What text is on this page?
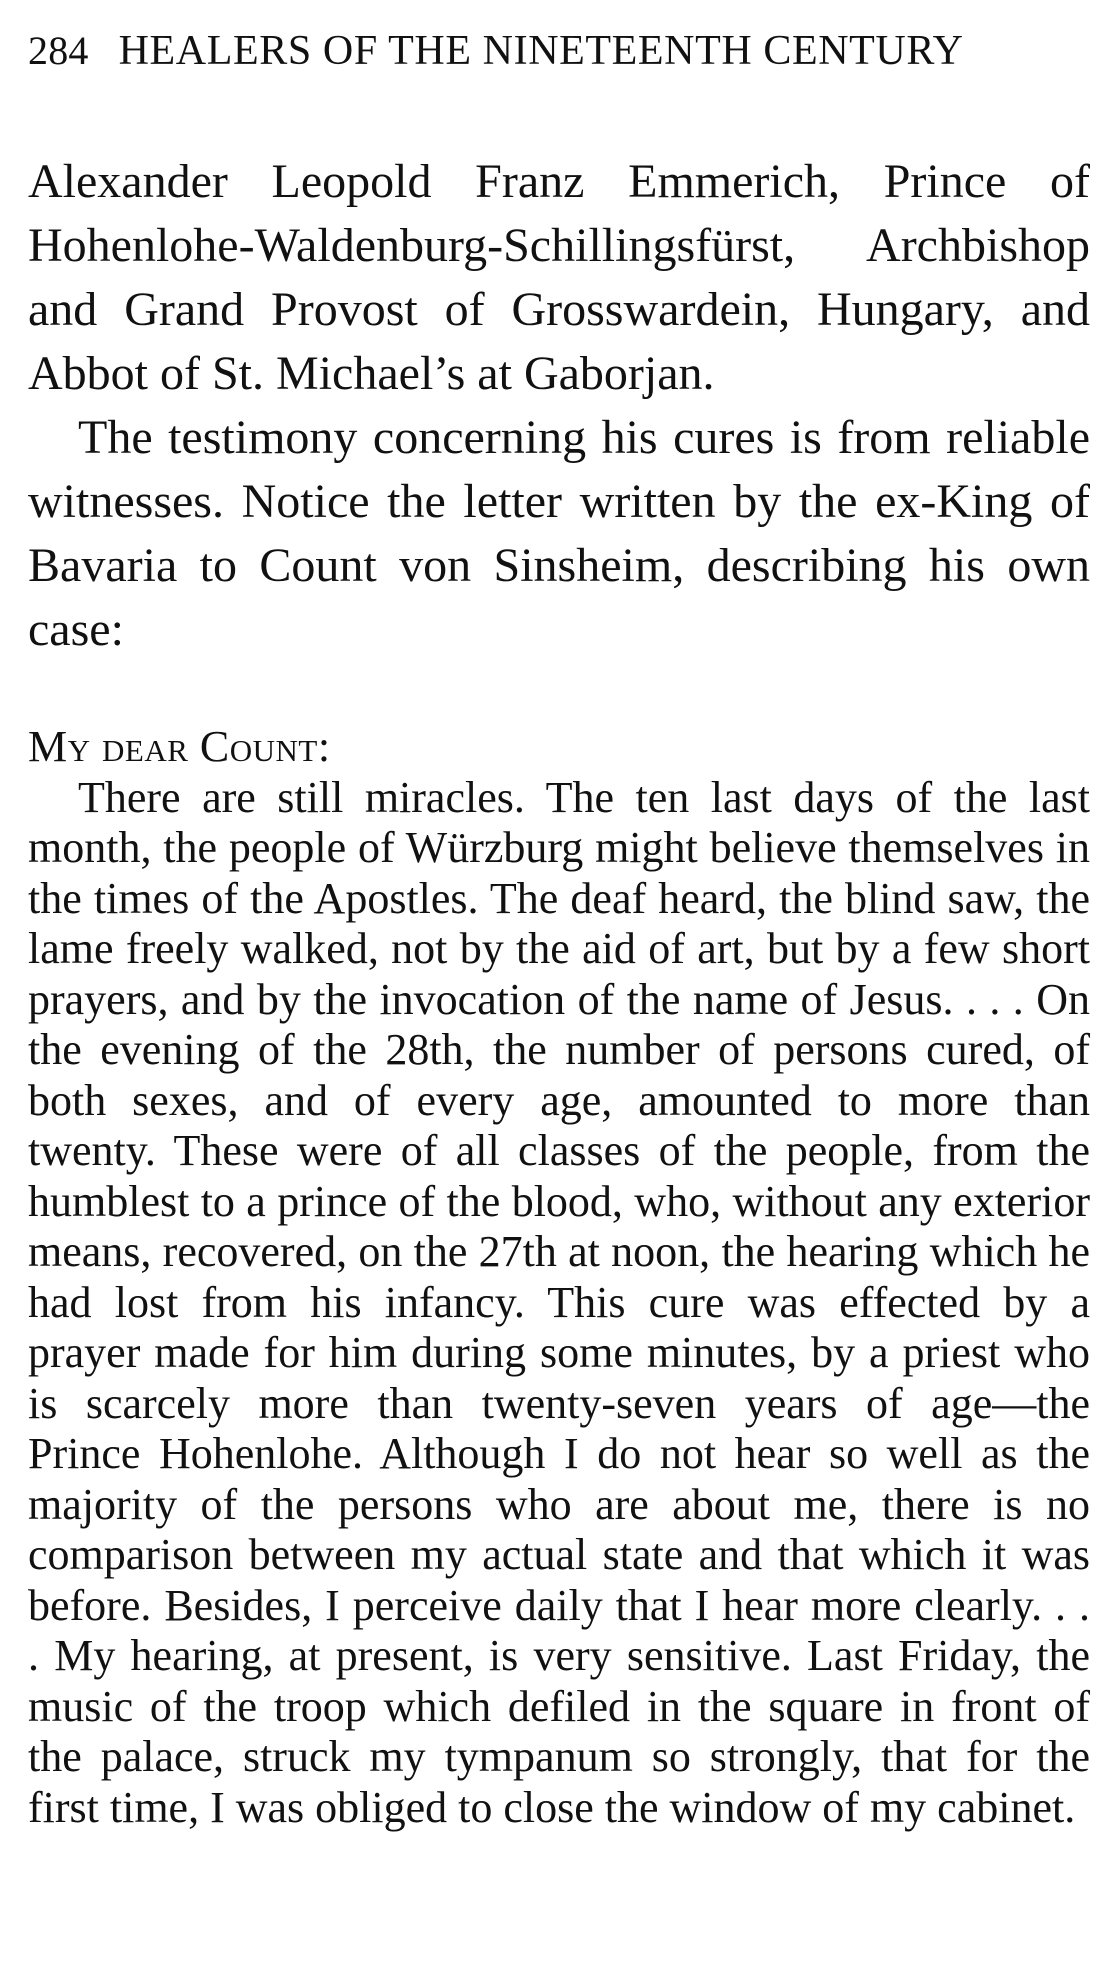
284 HEALERS OF THE NINETEENTH CENTURY

Alexander Leopold Franz Emmerich, Prince of Hohenlohe-Waldenburg-Schillingsfürst, Archbishop and Grand Provost of Grosswardein, Hungary, and Abbot of St. Michael’s at Gaborjan.

The testimony concerning his cures is from reliable witnesses. Notice the letter written by the ex-King of Bavaria to Count von Sinsheim, describing his own case:

My dear Count:

There are still miracles. The ten last days of the last month, the people of Würzburg might believe themselves in the times of the Apostles. The deaf heard, the blind saw, the lame freely walked, not by the aid of art, but by a few short prayers, and by the invocation of the name of Jesus. . . . On the evening of the 28th, the number of persons cured, of both sexes, and of every age, amounted to more than twenty. These were of all classes of the people, from the humblest to a prince of the blood, who, without any exterior means, recovered, on the 27th at noon, the hearing which he had lost from his infancy. This cure was effected by a prayer made for him during some minutes, by a priest who is scarcely more than twenty-seven years of age—the Prince Hohenlohe. Although I do not hear so well as the majority of the persons who are about me, there is no comparison between my actual state and that which it was before. Besides, I perceive daily that I hear more clearly. . . . My hearing, at present, is very sensitive. Last Friday, the music of the troop which defiled in the square in front of the palace, struck my tympanum so strongly, that for the first time, I was obliged to close the window of my cabinet.
